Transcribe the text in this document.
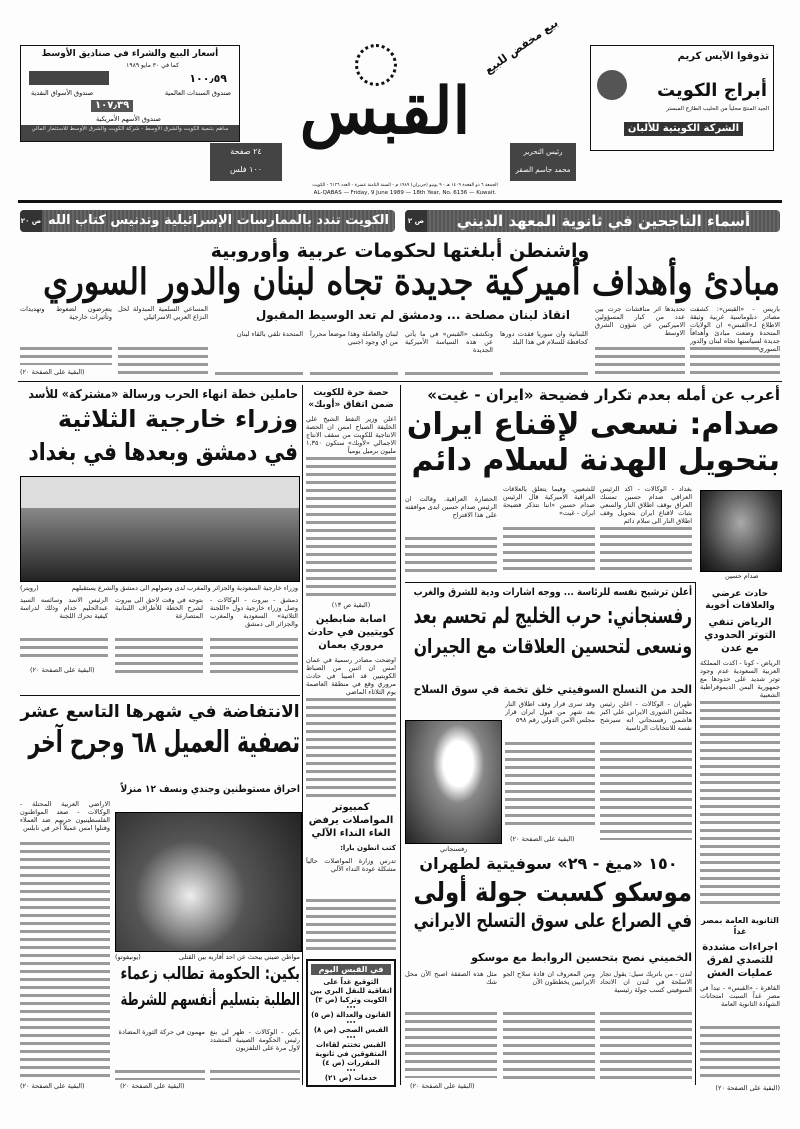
تذوقوا الآيس كريم
أبراج الكويت
الجيد المنتج محلياً من الحليب الطازج المبستر
الشركة الكويتية للألبان
بيع مخفض للبيع
القبس
رئيس التحرير
محمد جاسم الصقر
٢٤ صفحة
١٠٠ فلس
الجمعة ٦ ذو القعدة ١٤٠٩ هـ - ٩ يونيو (حزيران) ١٩٨٩ م - السنة الثامنة عشرة - العدد ٦١٣٦ - الكويت
AL-QABAS — Friday, 9 June 1989 — 18th Year, No. 6136 — Kuwait.
أسعار البيع والشراء في صناديق الأوسط
كما في ٣٠ مايو ١٩٨٩
١٠٠٫٥٩
صندوق السندات العالمية
صندوق الأسواق النقدية
١٠٧٫٣٩
صندوق الأسهم الأمريكية
ساهم بتنمية الكويت والشرق الأوسط - شركة الكويت والشرق الأوسط للاستثمار المالي
أسماء الناجحين في ثانوية المعهد الديني
ص ٢
الكويت تندد بالممارسات الإسرائيلية وتدنيس كتاب الله
ص ٢٠
واشنطن أبلغتها لحكومات عربية وأوروبية
مبادئ وأهداف أميركية جديدة تجاه لبنان والدور السوري
انقاذ لبنان مصلحة ... ودمشق لم تعد الوسيط المقبول	باريس - «القبس»: كشفت مصادر دبلوماسية غربية وثيقة الاطلاع لـ«القبس» ان الولايات المتحدة وضعت مبادئ وأهدافاً جديدة لسياستها تجاه لبنان والدور السوري
تحديدها اثر مناقشات جرت بين عدد من كبار المسؤولين الاميركيين عن شؤون الشرق الاوسط
اللبنانية وان سوريا فقدت دورها كحافظة للسلام في هذا البلد
وتكشف «القبس» في ما يأتي عن هذه السياسة الأميركية الجديدة
لبنان والعاملة وهذا موضعاً محرراً من اي وجود اجنبي
المتحدة تلقي بالقاء لبنان
المساعي السلمية المبذولة لحل النزاع العربي الاسرائيلي
يتعرضون لضغوط وتهديدات وتأثيرات خارجية
(البقية على الصفحة ٢٠)
أعرب عن أمله بعدم تكرار فضيحة «ايران - غيت»
صدام: نسعى لإقناع ايران
بتحويل الهدنة لسلام دائم
صدام حسين
بغداد - الوكالات - اكد الرئيس العراقي صدام حسين تمسك العراق بوقف اطلاق النار والسعي بثبات لاقناع ايران بتحويل وقف اطلاق النار الى سلام دائم
للشعبين. وفيما يتعلق بالعلاقات العراقية الاميركية قال الرئيس صدام حسين «اننا نتذكر فضيحة ايران - غيت»
الحضارة العراقية. وقالت ان الرئيس صدام حسين ابدى موافقته على هذا الاقتراح
حصة حرة للكويت ضمن اتفاق «أوبك»
اعلن وزير النفط الشيخ علي الخليفة الصباح امس ان الحصة الانتاجية للكويت من سقف الانتاج الاجمالي «لأوبك» ستكون ١,٣٥٠ مليون برميل يومياً
(البقية ص ١٣)
اصابة ضابطين كويتيين في حادث مروري بعمان
اوضحت مصادر رسمية في عمان امس ان اثنين من الضباط الكويتيين قد اصيبا في حادث مروري وقع في منطقة العاصمة يوم الثلاثاء الماضي
كمبيوتر المواصلات يرفض الغاء النداء الآلي
كتب انطون بارا:
تدرس وزارة المواصلات حالياً مشكلة عودة النداء الآلي
في القبس اليوم
التوقيع غداً على اتفاقية للنقل البري بين الكويت وتركيا (ص ٣)
•••
القانون والعدالة (ص ٥)
•••
القبس الصحي (ص ٨)
•••
القبس تختتم لقاءات المتفوقين في ثانوية المقررات (ص ٤)
•••
خدمات (ص ٢١)
حاملين خطة انهاء الحرب ورسالة «مشتركة» للأسد
وزراء خارجية الثلاثية
في دمشق وبعدها في بغداد
وزراء خارجية السعودية والجزائر والمغرب لدى وصولهم الى دمشق والشرع يستقبلهم
(رويتر)
دمشق - بيروت - الوكالات - وصل وزراء خارجية دول «اللجنة الثلاثية» السعودية والمغرب والجزائر الى دمشق
بتوجه في وقت لاحق الى بيروت لشرح الخطة للأطراف اللبنانية المتصارعة
الرئيس الاسد وسائسه السيد عبدالحليم خدام وذلك لدراسة كيفية تحرك اللجنة
(البقية على الصفحة ٢٠)
الانتفاضة في شهرها التاسع عشر
تصفية العميل ٦٨ وجرح آخر
احراق مستوطنين وجندي ونسف ١٢ منزلاً
الاراضي العربية المحتلة - الوكالات - صعد المواطنون الفلسطينيون حربهم ضد العملاء وقتلوا امس عميلاً آخر في نابلس
(البقية على الصفحة ٢٠)
مواطن صيني يبحث عن احد أقاربه بين القتلى
(يونيفوتو)
بكين: الحكومة تطالب زعماء
الطلبة بتسليم أنفسهم للشرطة
بكين - الوكالات - ظهر لي بنغ رئيس الحكومة الصينية المتشدد لاول مرة على التلفزيون
مهمون في حركة الثورة المضادة
(البقية على الصفحة ٢٠)
أعلن ترشيح نفسه للرئاسة ... ووجه اشارات ودية للشرق والغرب
رفسنجاني: حرب الخليج لم تحسم بعد
ونسعى لتحسين العلاقات مع الجيران
الحد من التسلح السوفيتي خلق تخمة في سوق السلاح
طهران - الوكالات - اعلن رئيس مجلس الشورى الايراني علي اكبر هاشمي رفسنجاني انه سيرشح نفسه للانتخابات الرئاسية
وقد سرى قرار وقف اطلاق النار بعد شهر من قبول ايران قرار مجلس الامن الدولي رقم ٥٩٨
(البقية على الصفحة ٢٠)
رفسنجاني
١٥٠ «ميغ - ٢٩» سوفيتية لطهران
موسكو كسبت جولة أولى
في الصراع على سوق التسلح الايراني
الخميني نصح بتحسين الروابط مع موسكو
لندن - من باتريك سيل: يقول تجار الاسلحة في لندن ان الاتحاد السوفيتي كسب جولة رئيسية
ومن المعروف ان قادة سلاح الجو الايرانيين يخططون الآن
مثل هذه الصفقة اصبح الآن محل شك
(البقية على الصفحة ٢٠)
حادث عرضي والعلاقات أخوية
الرياض تنفي التوتر الحدودي مع عدن
الرياض - كونا - اكدت المملكة العربية السعودية عدم وجود توتر شديد على حدودها مع جمهورية اليمن الديموقراطية الشعبية
الثانوية العامة بمصر غداً
اجراءات مشددة للتصدي لفرق عمليات الغش
القاهرة - «القبس» - تبدأ في مصر غداً السبت امتحانات الشهادة الثانوية العامة
(البقية على الصفحة ٢٠)
